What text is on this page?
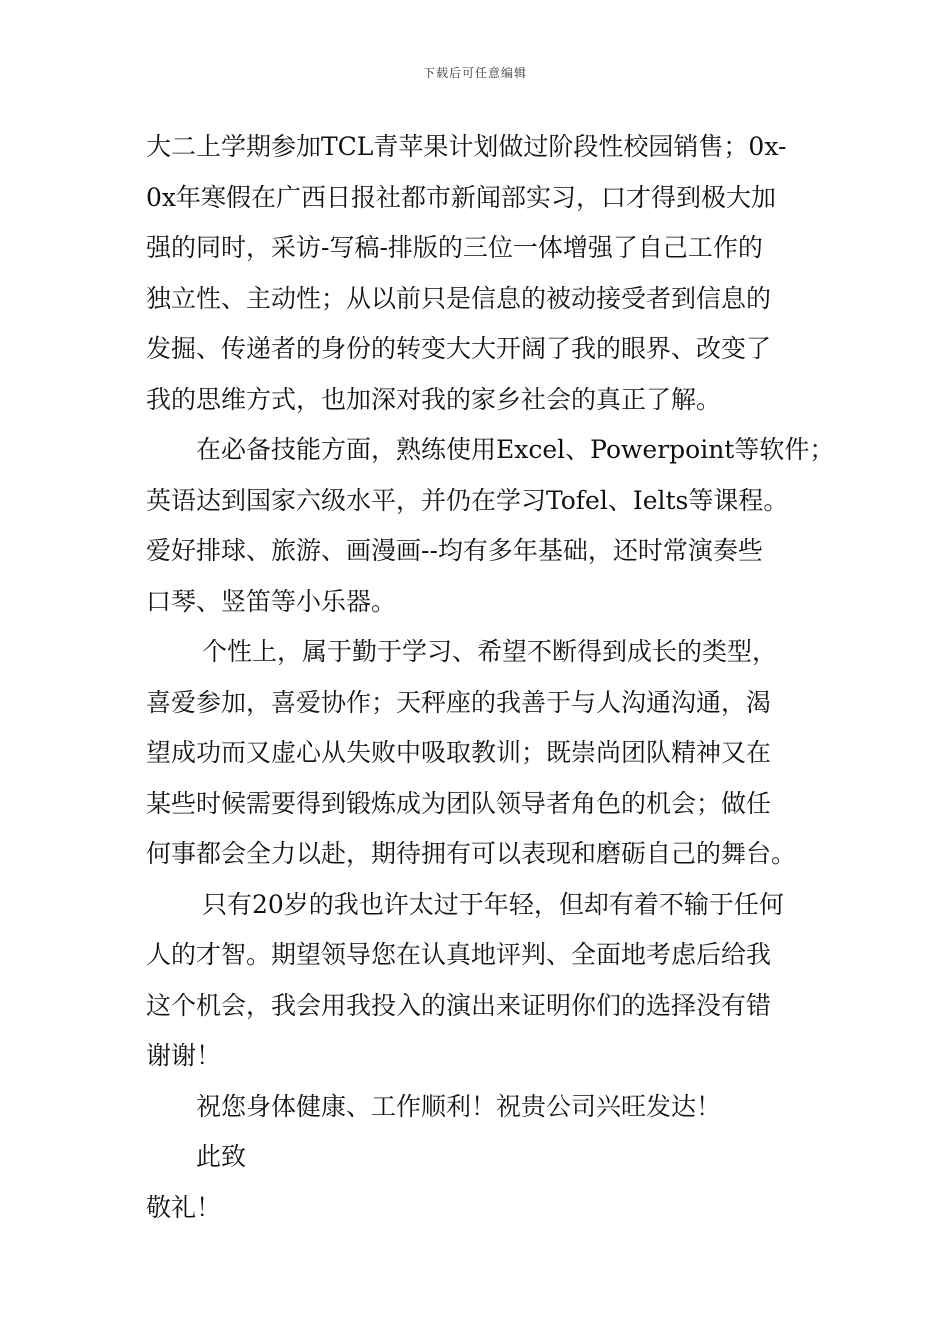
下载后可任意编辑

大二上学期参加TCL青苹果计划做过阶段性校园销售；0x-
0x年寒假在广西日报社都市新闻部实习，口才得到极大加
强的同时，采访-写稿-排版的三位一体增强了自己工作的
独立性、主动性；从以前只是信息的被动接受者到信息的
发掘、传递者的身份的转变大大开阔了我的眼界、改变了
我的思维方式，也加深对我的家乡社会的真正了解。

在必备技能方面，熟练使用Excel、Powerpoint等软件；
英语达到国家六级水平，并仍在学习Tofel、Ielts等课程。
爱好排球、旅游、画漫画--均有多年基础，还时常演奏些
口琴、竖笛等小乐器。

个性上，属于勤于学习、希望不断得到成长的类型，
喜爱参加，喜爱协作；天秤座的我善于与人沟通沟通，渴
望成功而又虚心从失败中吸取教训；既崇尚团队精神又在
某些时候需要得到锻炼成为团队领导者角色的机会；做任
何事都会全力以赴，期待拥有可以表现和磨砺自己的舞台。

只有20岁的我也许太过于年轻，但却有着不输于任何
人的才智。期望领导您在认真地评判、全面地考虑后给我
这个机会，我会用我投入的演出来证明你们的选择没有错
谢谢！

祝您身体健康、工作顺利！祝贵公司兴旺发达！

此致

敬礼！
